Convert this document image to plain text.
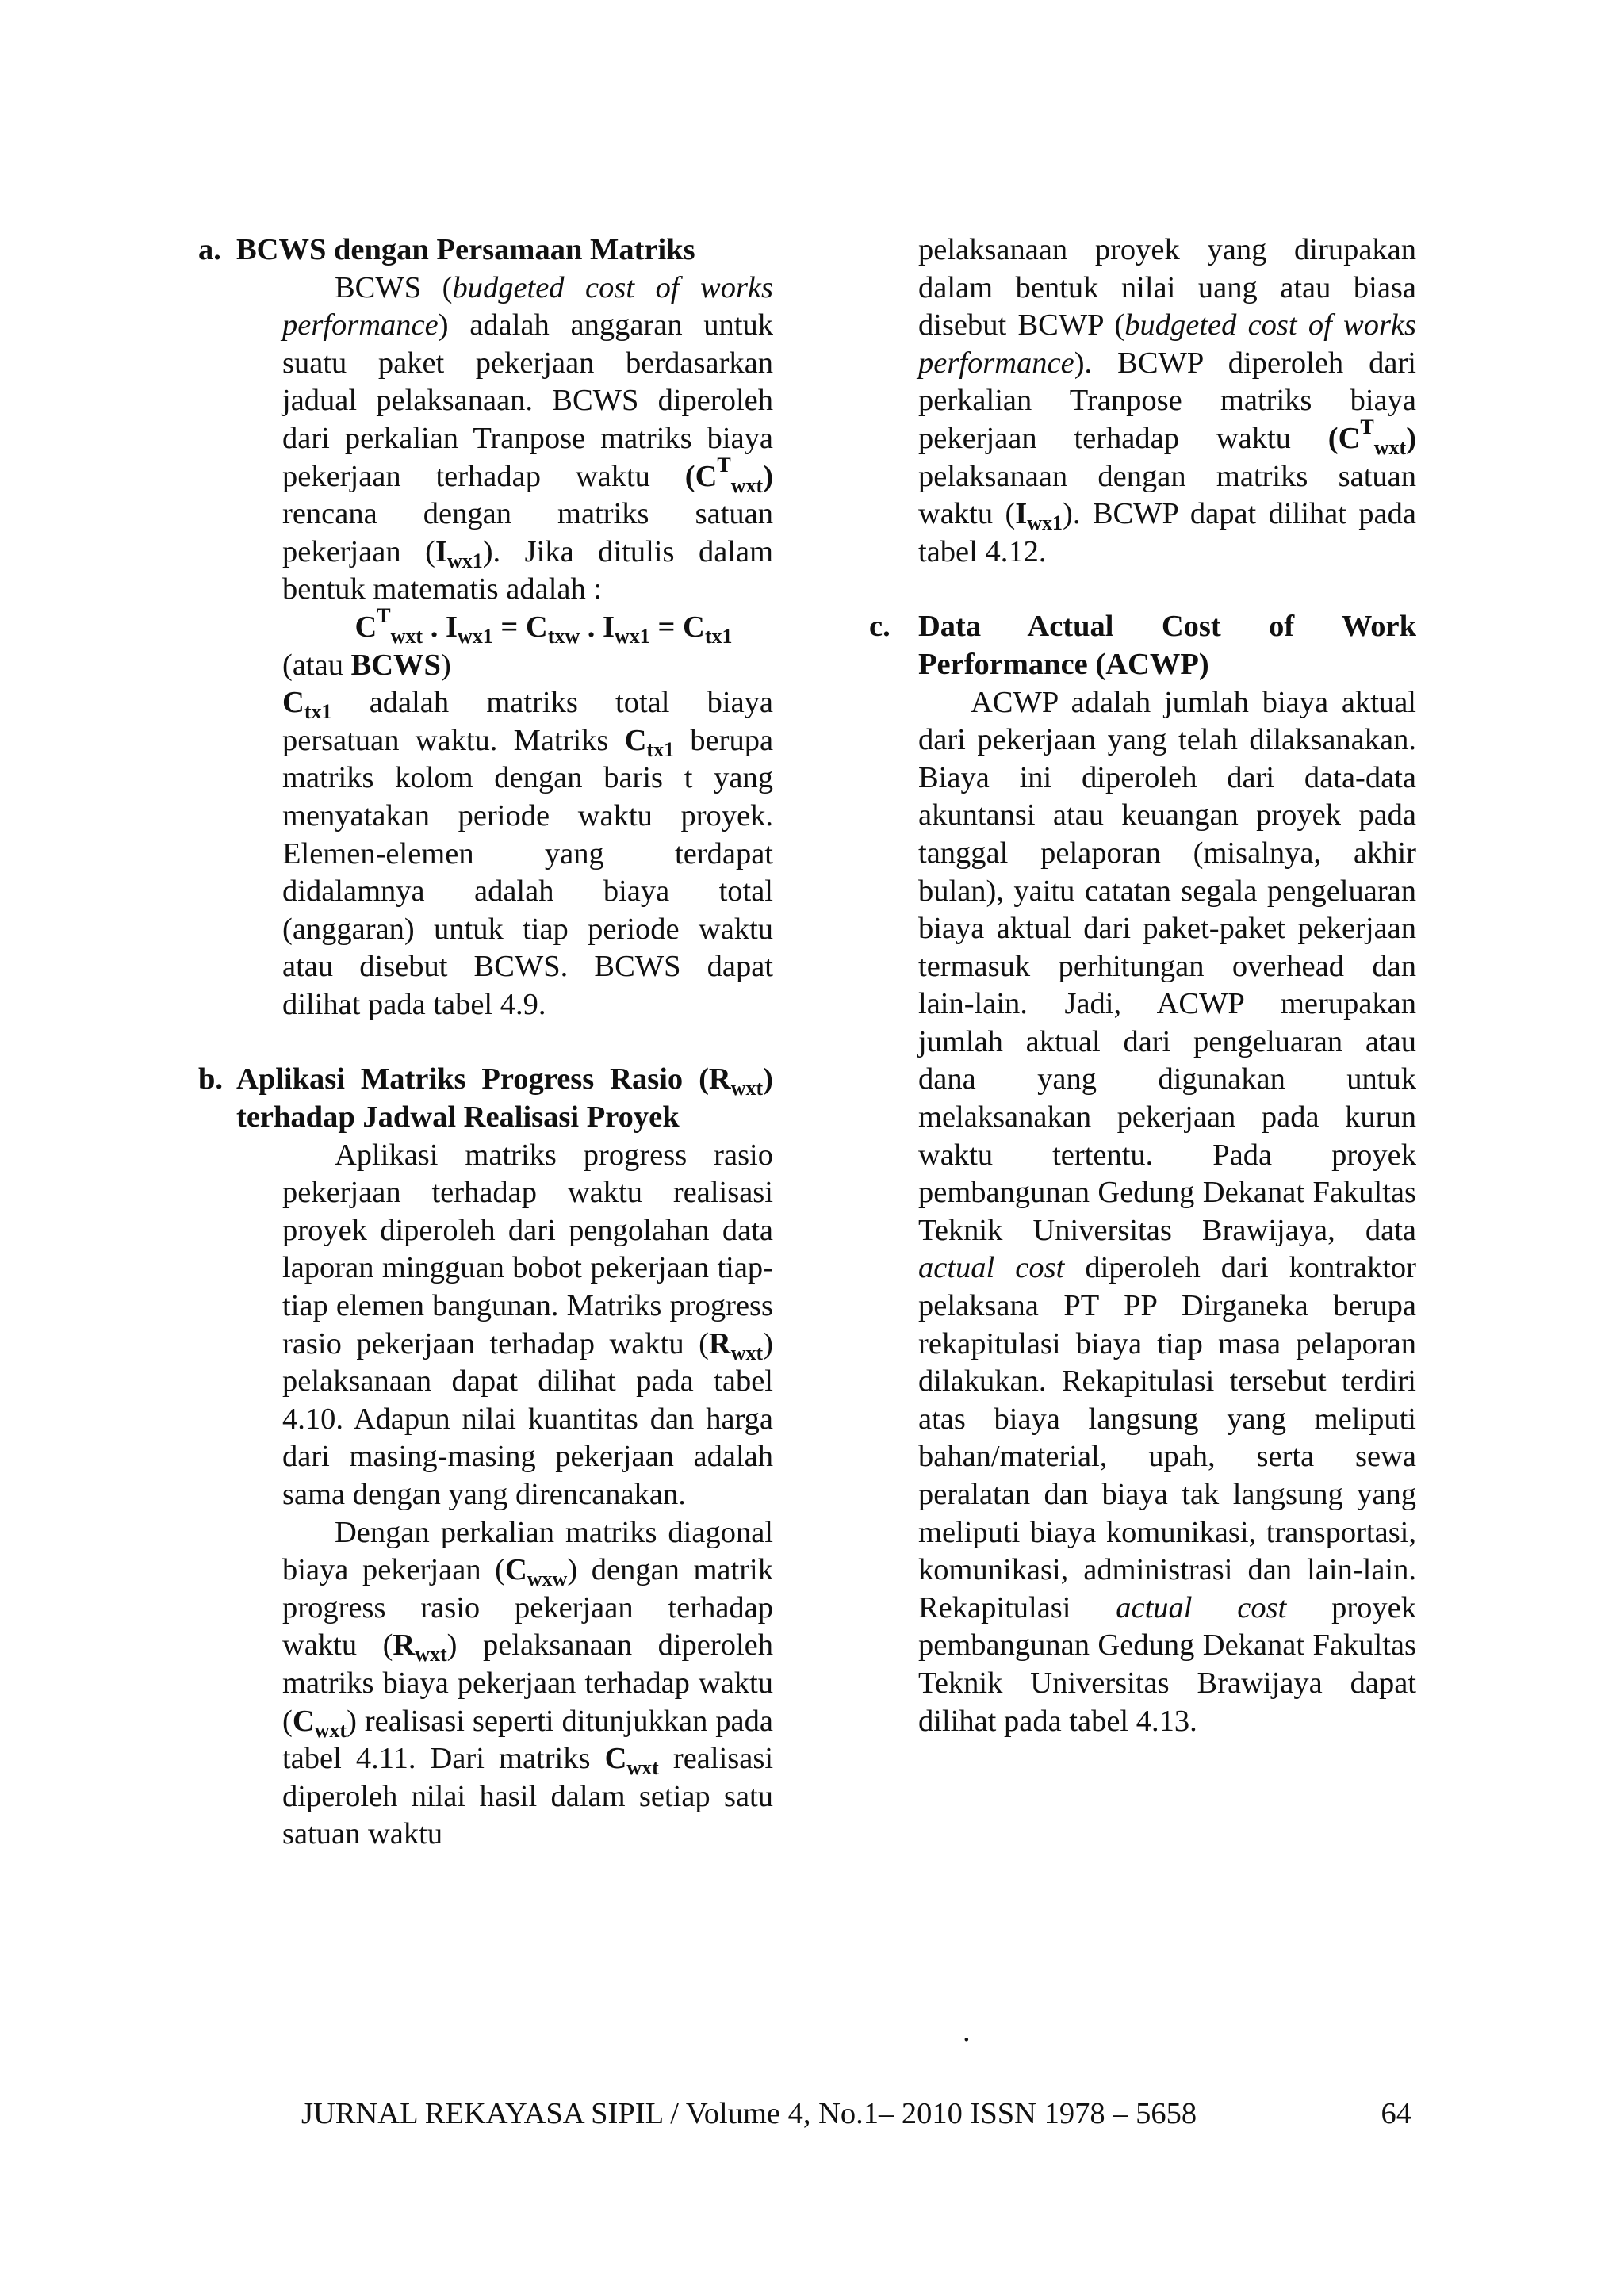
a. BCWS dengan Persamaan Matriks

BCWS (budgeted cost of works performance) adalah anggaran untuk suatu paket pekerjaan berdasarkan jadual pelaksanaan. BCWS diperoleh dari perkalian Tranpose matriks biaya pekerjaan terhadap waktu $(C^T_{wxt})$ rencana dengan matriks satuan pekerjaan $(I_{wx1})$. Jika ditulis dalam bentuk matematis adalah :

$C^T_{wxt}$ . $I_{wx1} = C_{txw}$ . $I_{wx1} = C_{tx1}$

(atau BCWS)

$C_{tx1}$ adalah matriks total biaya persatuan waktu. Matriks $C_{tx1}$ berupa matriks kolom dengan baris t yang menyatakan periode waktu proyek. Elemen-elemen yang terdapat didalamnya adalah biaya total (anggaran) untuk tiap periode waktu atau disebut BCWS. BCWS dapat dilihat pada tabel 4.9.

b. Aplikasi Matriks Progress Rasio $(R_{wxt})$ terhadap Jadwal Realisasi Proyek

Aplikasi matriks progress rasio pekerjaan terhadap waktu realisasi proyek diperoleh dari pengolahan data laporan mingguan bobot pekerjaan tiap-tiap elemen bangunan. Matriks progress rasio pekerjaan terhadap waktu $(R_{wxt})$ pelaksanaan dapat dilihat pada tabel 4.10. Adapun nilai kuantitas dan harga dari masing-masing pekerjaan adalah sama dengan yang direncanakan.

Dengan perkalian matriks diagonal biaya pekerjaan $(C_{wxw})$ dengan matrik progress rasio pekerjaan terhadap waktu $(R_{wxt})$ pelaksanaan diperoleh matriks biaya pekerjaan terhadap waktu $(C_{wxt})$ realisasi seperti ditunjukkan pada tabel 4.11. Dari matriks $C_{wxt}$ realisasi diperoleh nilai hasil dalam setiap satu satuan waktu

pelaksanaan proyek yang dirupakan dalam bentuk nilai uang atau biasa disebut BCWP (budgeted cost of works performance). BCWP diperoleh dari perkalian Tranpose matriks biaya pekerjaan terhadap waktu $(C^T_{wxt})$ pelaksanaan dengan matriks satuan waktu $(I_{wx1})$. BCWP dapat dilihat pada tabel 4.12.

c. Data Actual Cost of Work Performance (ACWP)

ACWP adalah jumlah biaya aktual dari pekerjaan yang telah dilaksanakan. Biaya ini diperoleh dari data-data akuntansi atau keuangan proyek pada tanggal pelaporan (misalnya, akhir bulan), yaitu catatan segala pengeluaran biaya aktual dari paket-paket pekerjaan termasuk perhitungan overhead dan lain-lain. Jadi, ACWP merupakan jumlah aktual dari pengeluaran atau dana yang digunakan untuk melaksanakan pekerjaan pada kurun waktu tertentu. Pada proyek pembangunan Gedung Dekanat Fakultas Teknik Universitas Brawijaya, data actual cost diperoleh dari kontraktor pelaksana PT PP Dirganeka berupa rekapitulasi biaya tiap masa pelaporan dilakukan. Rekapitulasi tersebut terdiri atas biaya langsung yang meliputi bahan/material, upah, serta sewa peralatan dan biaya tak langsung yang meliputi biaya komunikasi, transportasi, komunikasi, administrasi dan lain-lain. Rekapitulasi actual cost proyek pembangunan Gedung Dekanat Fakultas Teknik Universitas Brawijaya dapat dilihat pada tabel 4.13.

.
JURNAL REKAYASA SIPIL / Volume 4, No.1– 2010 ISSN 1978 – 5658	64
